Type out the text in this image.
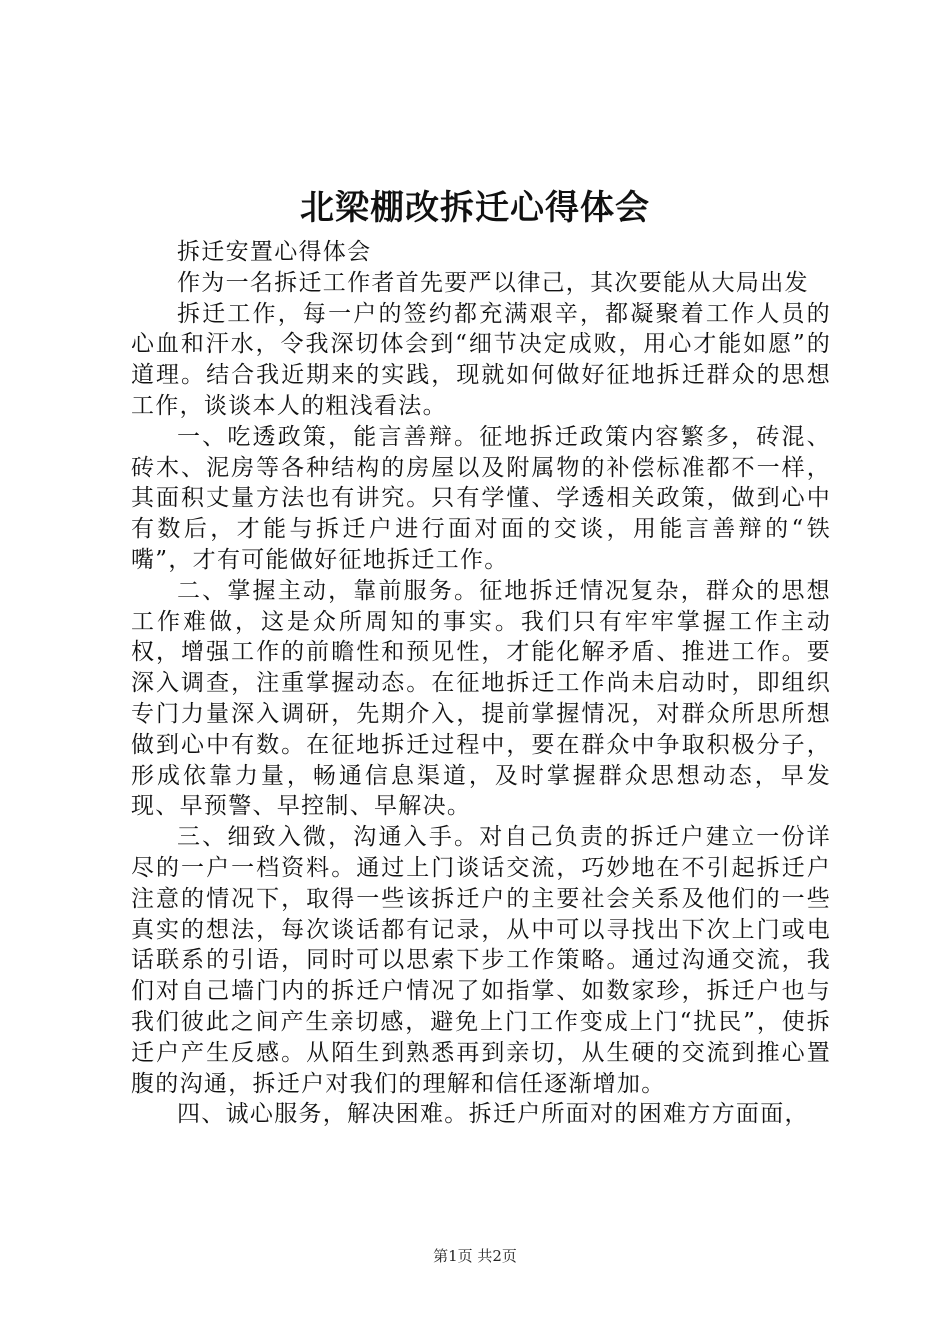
北梁棚改拆迁心得体会

拆迁安置心得体会

作为一名拆迁工作者首先要严以律己，其次要能从大局出发

拆迁工作，每一户的签约都充满艰辛，都凝聚着工作人员的心血和汗水，令我深切体会到“细节决定成败，用心才能如愿”的道理。结合我近期来的实践，现就如何做好征地拆迁群众的思想工作，谈谈本人的粗浅看法。

一、吃透政策，能言善辩。征地拆迁政策内容繁多，砖混、砖木、泥房等各种结构的房屋以及附属物的补偿标准都不一样，其面积丈量方法也有讲究。只有学懂、学透相关政策，做到心中有数后，才能与拆迁户进行面对面的交谈，用能言善辩的“铁嘴”，才有可能做好征地拆迁工作。

二、掌握主动，靠前服务。征地拆迁情况复杂，群众的思想工作难做，这是众所周知的事实。我们只有牢牢掌握工作主动权，增强工作的前瞻性和预见性，才能化解矛盾、推进工作。要深入调查，注重掌握动态。在征地拆迁工作尚未启动时，即组织专门力量深入调研，先期介入，提前掌握情况，对群众所思所想做到心中有数。在征地拆迁过程中，要在群众中争取积极分子，形成依靠力量，畅通信息渠道，及时掌握群众思想动态，早发现、早预警、早控制、早解决。

三、细致入微，沟通入手。对自己负责的拆迁户建立一份详尽的一户一档资料。通过上门谈话交流，巧妙地在不引起拆迁户注意的情况下，取得一些该拆迁户的主要社会关系及他们的一些真实的想法，每次谈话都有记录，从中可以寻找出下次上门或电话联系的引语，同时可以思索下步工作策略。通过沟通交流，我们对自己墙门内的拆迁户情况了如指掌、如数家珍，拆迁户也与我们彼此之间产生亲切感，避免上门工作变成上门“扰民”，使拆迁户产生反感。从陌生到熟悉再到亲切，从生硬的交流到推心置腹的沟通，拆迁户对我们的理解和信任逐渐增加。

四、诚心服务，解决困难。拆迁户所面对的困难方方面面，

第1页 共2页
